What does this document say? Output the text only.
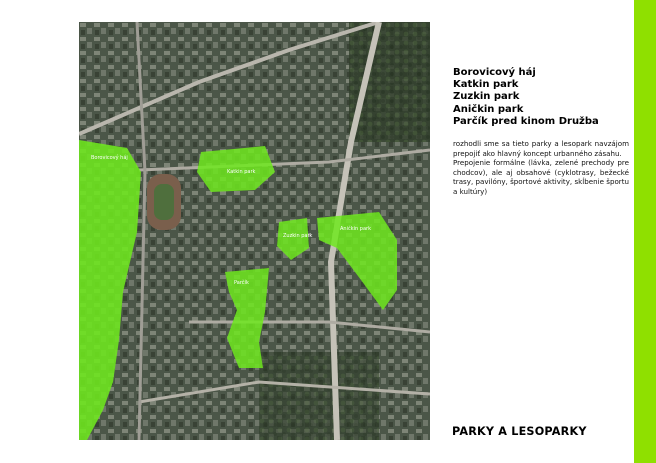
Borovicový háj
Katkin park
Zuzkin park
Aničkin park
Parčík
Borovicový háj
Katkin park
Zuzkin park
Aničkin park
Parčík pred kinom Družba

rozhodli sme sa tieto parky a lesopark navzájom prepojiť ako hlavný koncept urbanného zásahu.

Prepojenie formálne (lávka, zelené prechody pre chodcov), ale aj obsahové (cyklotrasy, bežecké trasy, pavilóny, športové aktivity, skĺbenie športu a kultúry)

PARKY A LESOPARKY
